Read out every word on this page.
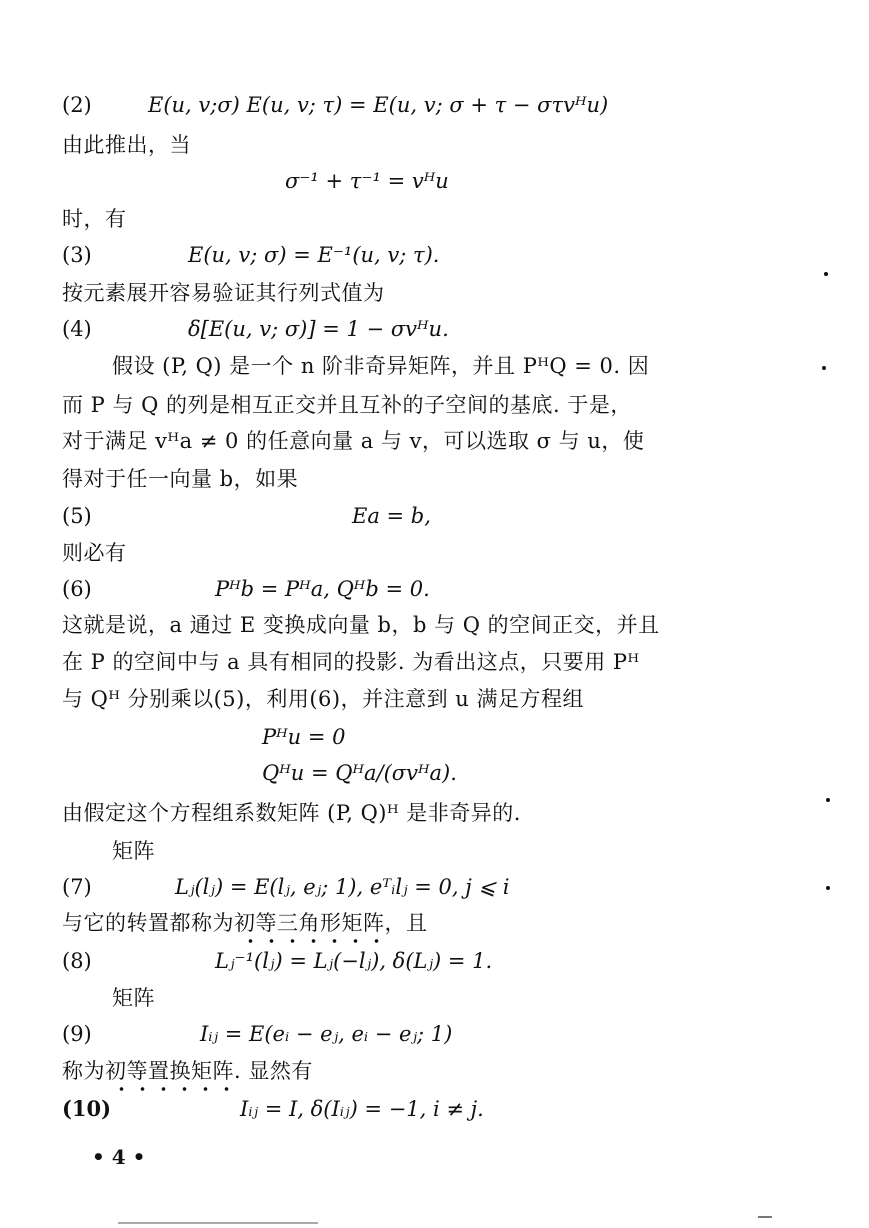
(2)	E(u, v;σ) E(u, v; τ) = E(u, v; σ + τ − στvᴴu)
由此推出，当
σ⁻¹ + τ⁻¹ = vᴴu
时，有
(3)	E(u, v; σ) = E⁻¹(u, v; τ).
按元素展开容易验证其行列式值为
(4)	δ[E(u, v; σ)] = 1 − σvᴴu.
假设 (P, Q) 是一个 n 阶非奇异矩阵，并且 PᴴQ = 0. 因
而 P 与 Q 的列是相互正交并且互补的子空间的基底. 于是，
对于满足 vᴴa ≠ 0 的任意向量 a 与 v，可以选取 σ 与 u，使
得对于任一向量 b，如果
(5)	Ea = b,
则必有
(6)	Pᴴb = Pᴴa, Qᴴb = 0.
这就是说，a 通过 E 变换成向量 b，b 与 Q 的空间正交，并且
在 P 的空间中与 a 具有相同的投影. 为看出这点，只要用 Pᴴ
与 Qᴴ 分别乘以(5)，利用(6)，并注意到 u 满足方程组
Pᴴu = 0
Qᴴu = Qᴴa/(σvᴴa).
由假定这个方程组系数矩阵 (P, Q)ᴴ 是非奇异的.
矩阵
(7)	Lⱼ(lⱼ) = E(lⱼ, eⱼ; 1), eᵀᵢlⱼ = 0, j ⩽ i
与它的转置都称为初等三角形矩阵，且
(8)	Lⱼ⁻¹(lⱼ) = Lⱼ(−lⱼ), δ(Lⱼ) = 1.
矩阵
(9)	Iᵢⱼ = E(eᵢ − eⱼ, eᵢ − eⱼ; 1)
称为初等置换矩阵. 显然有
(10)	Iᵢⱼ = I, δ(Iᵢⱼ) = −1, i ≠ j.
• 4 •
